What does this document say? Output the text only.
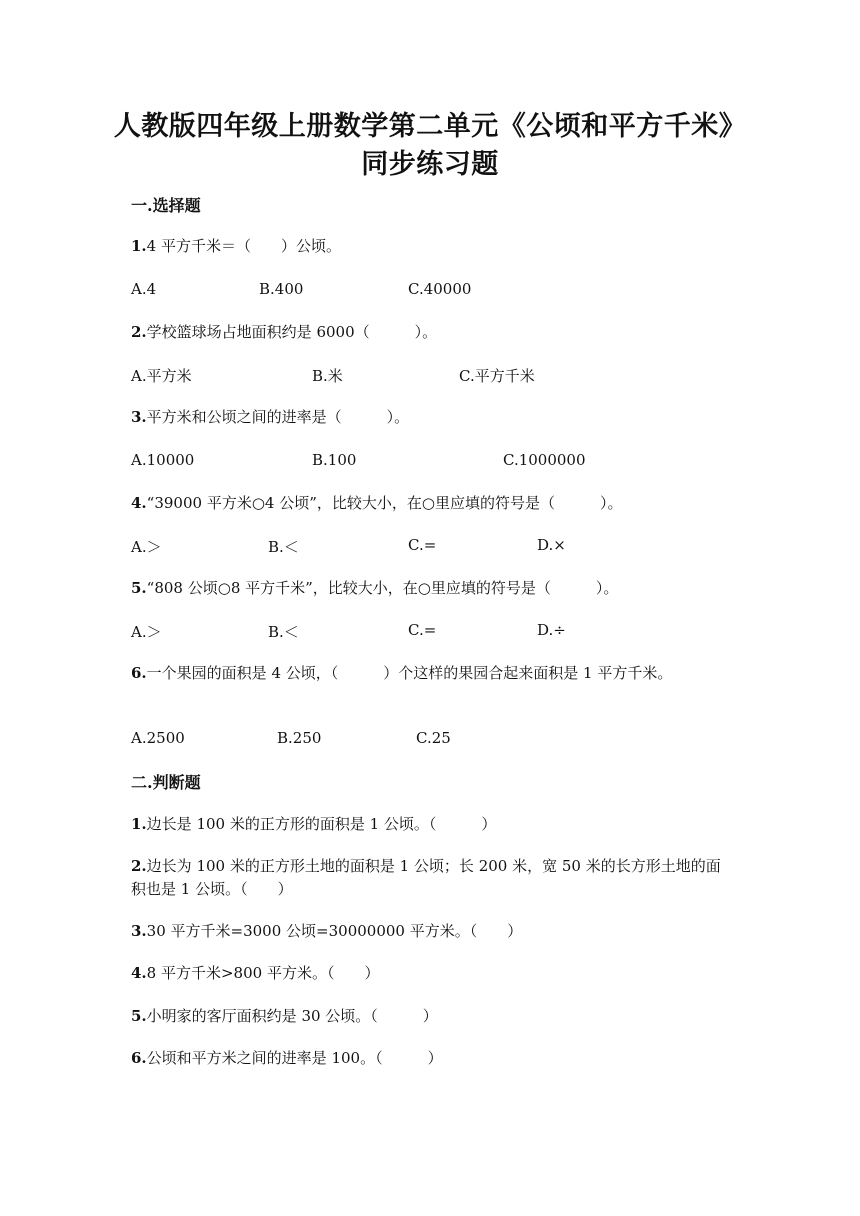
人教版四年级上册数学第二单元《公顷和平方千米》
同步练习题
一.选择题
1.4 平方千米＝（　　）公顷。
A.4	B.400	C.40000
2.学校篮球场占地面积约是 6000（　　　）。
A.平方米	B.米	C.平方千米
3.平方米和公顷之间的进率是（　　　）。
A.10000	B.100	C.1000000
4.“39000 平方米○4 公顷”，比较大小，在○里应填的符号是（　　　）。
A.＞	B.＜	C.=	D.×
5.“808 公顷○8 平方千米”，比较大小，在○里应填的符号是（　　　）。
A.＞	B.＜	C.=	D.÷
6.一个果园的面积是 4 公顷，（　　　）个这样的果园合起来面积是 1 平方千米。
A.2500	B.250	C.25
二.判断题
1.边长是 100 米的正方形的面积是 1 公顷。（　　　）
2.边长为 100 米的正方形土地的面积是 1 公顷；长 200 米，宽 50 米的长方形土地的面积也是 1 公顷。（　　）
3.30 平方千米=3000 公顷=30000000 平方米。（　　）
4.8 平方千米>800 平方米。（　　）
5.小明家的客厅面积约是 30 公顷。（　　　）
6.公顷和平方米之间的进率是 100。（　　　）
